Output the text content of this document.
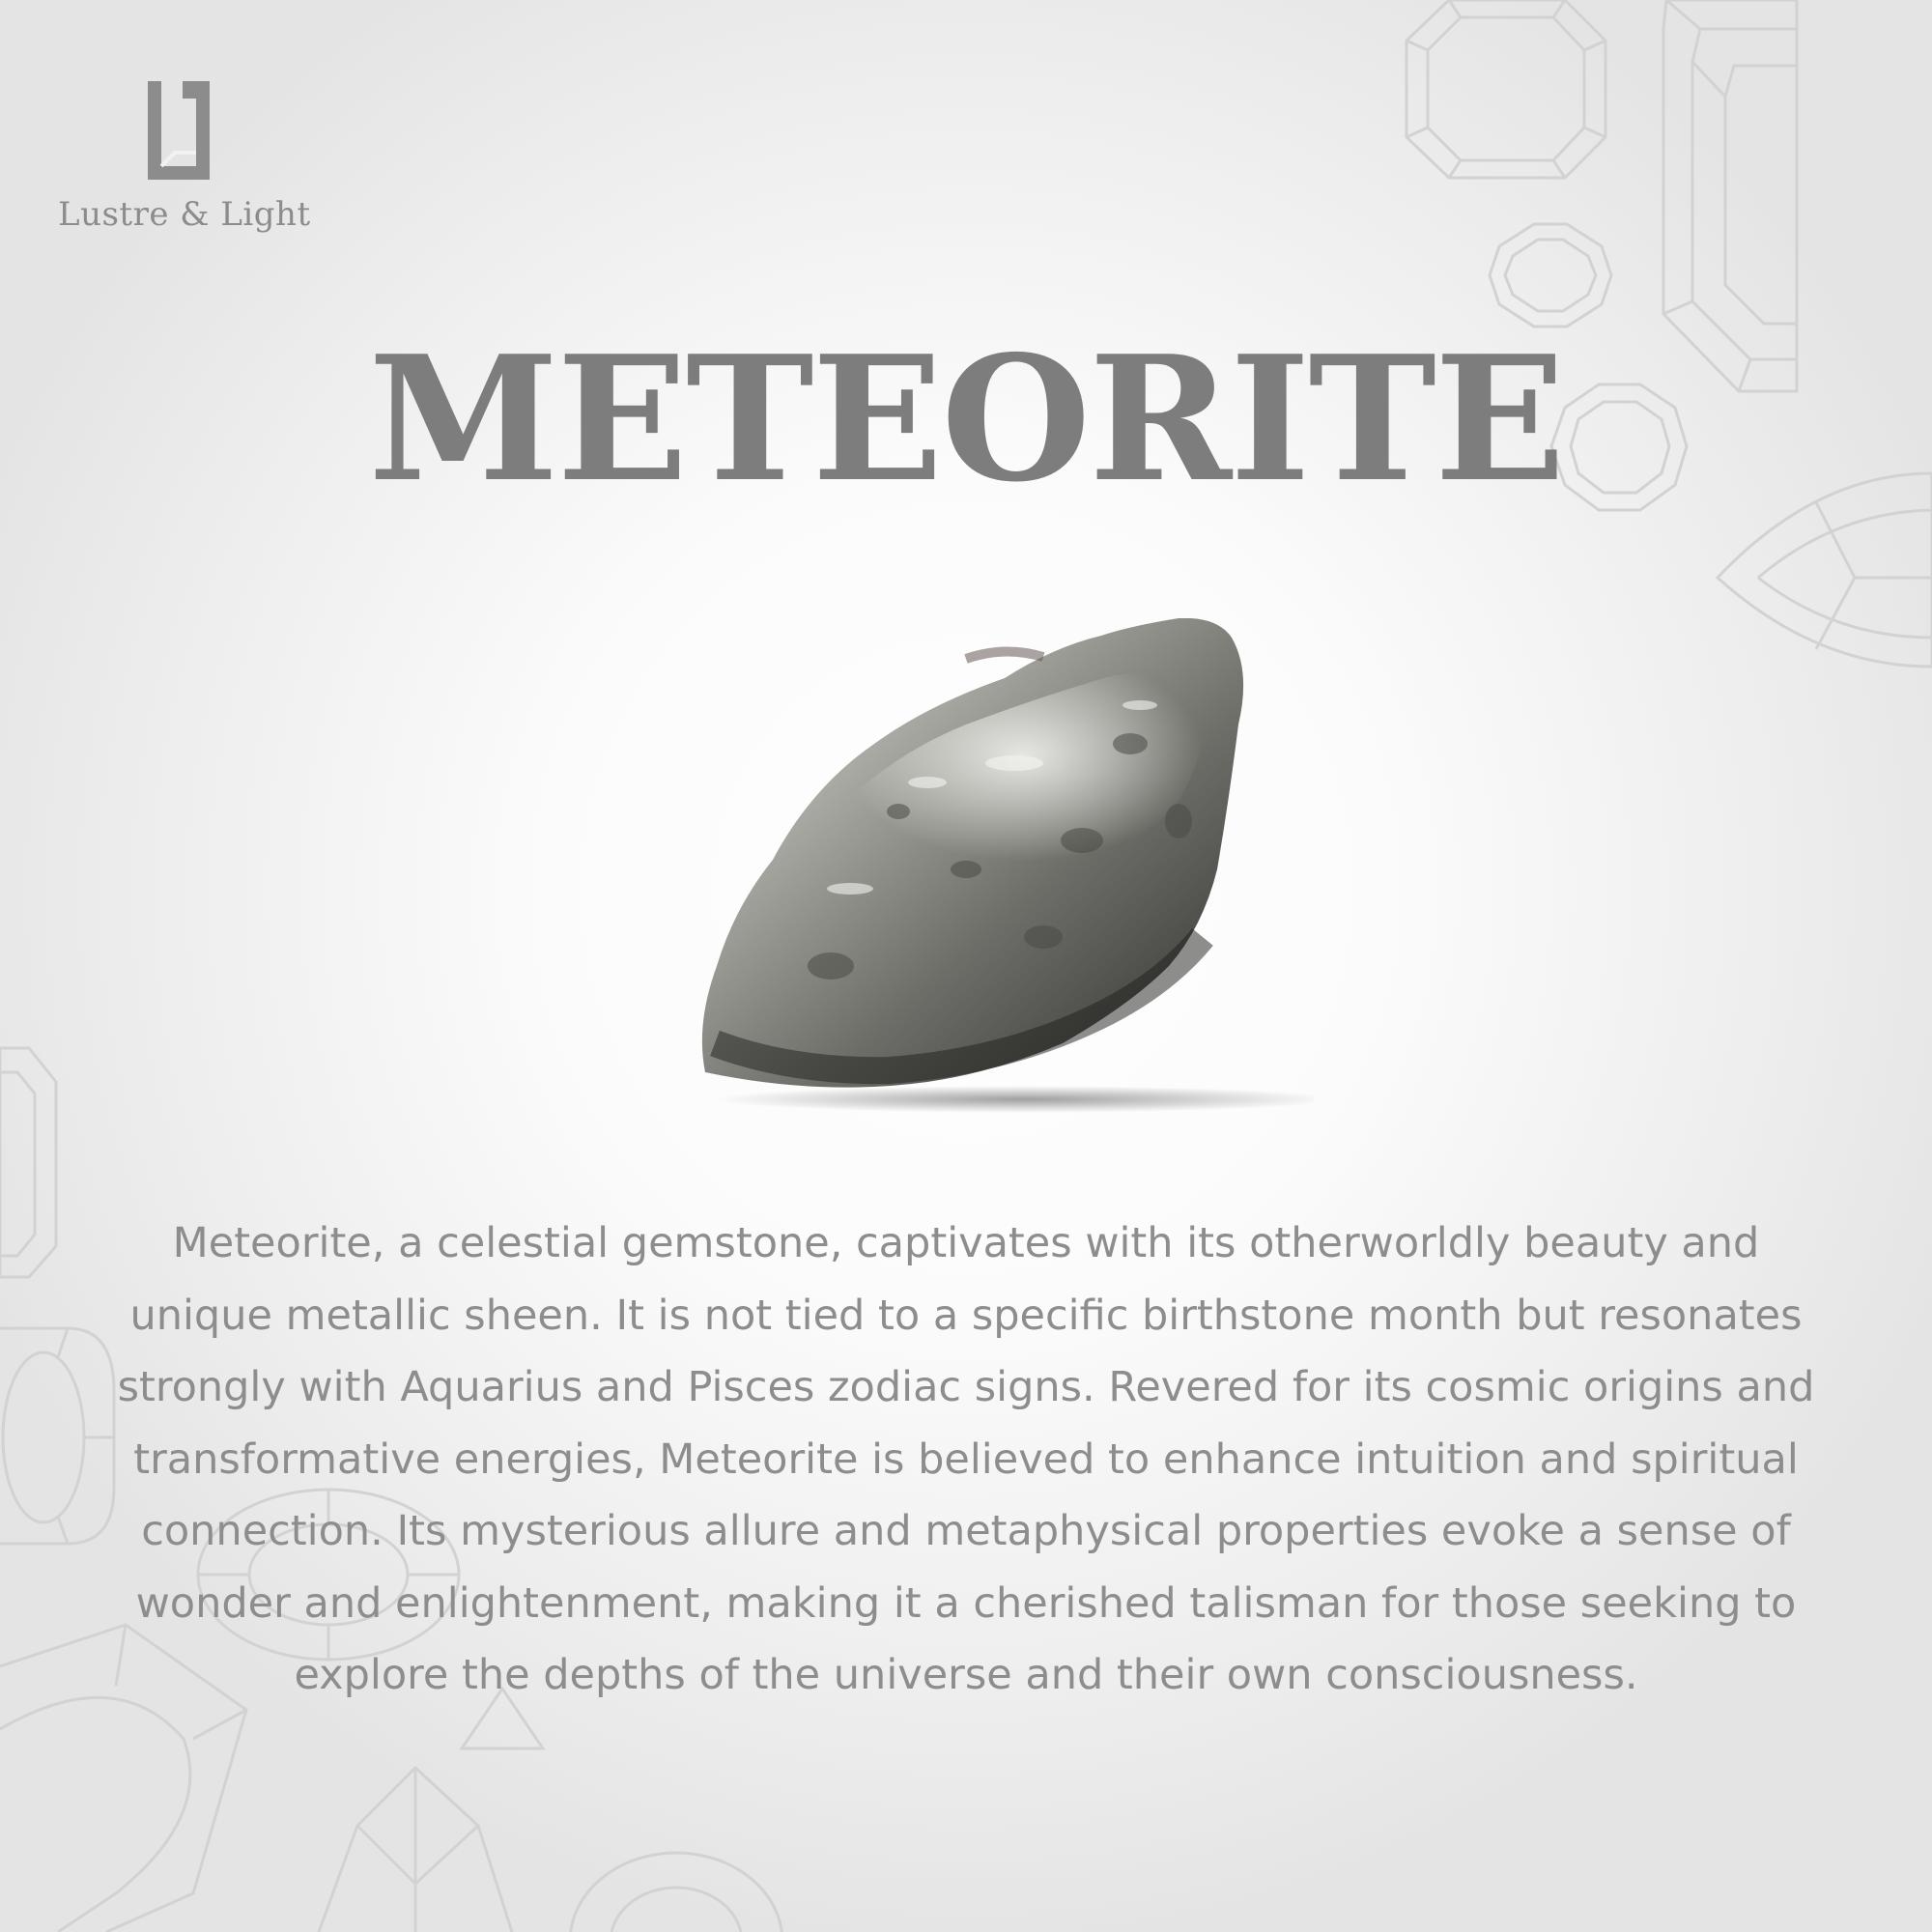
Lustre & Light
METEORITE

Meteorite, a celestial gemstone, captivates with its otherworldly beauty and unique metallic sheen. It is not tied to a specific birthstone month but resonates strongly with Aquarius and Pisces zodiac signs. Revered for its cosmic origins and transformative energies, Meteorite is believed to enhance intuition and spiritual connection. Its mysterious allure and metaphysical properties evoke a sense of wonder and enlightenment, making it a cherished talisman for those seeking to explore the depths of the universe and their own consciousness.
